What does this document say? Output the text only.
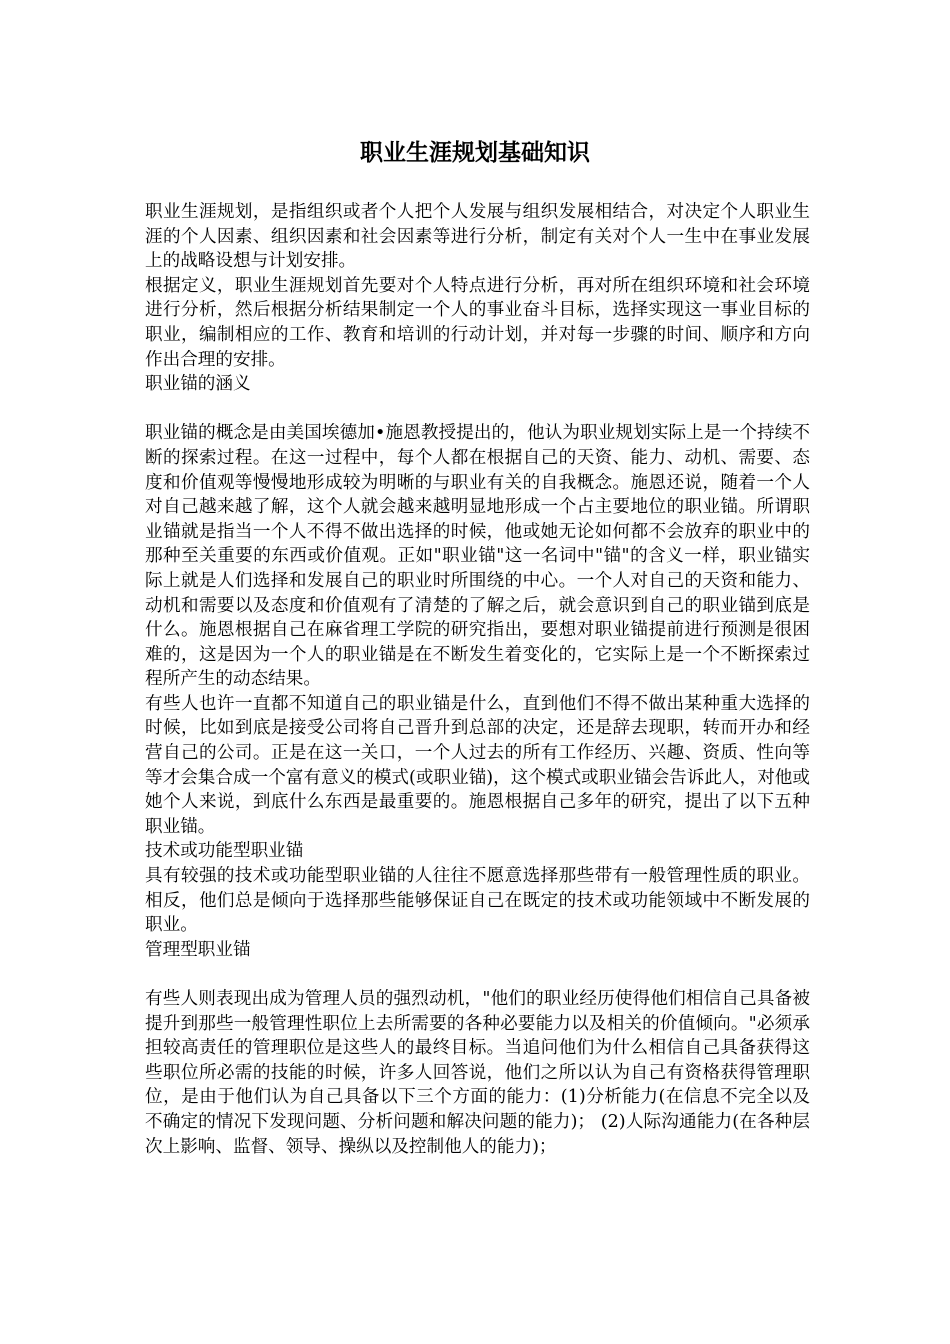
职业生涯规划基础知识

职业生涯规划，是指组织或者个人把个人发展与组织发展相结合，对决定个人职业生涯的个人因素、组织因素和社会因素等进行分析，制定有关对个人一生中在事业发展上的战略设想与计划安排。

根据定义，职业生涯规划首先要对个人特点进行分析，再对所在组织环境和社会环境进行分析，然后根据分析结果制定一个人的事业奋斗目标，选择实现这一事业目标的职业，编制相应的工作、教育和培训的行动计划，并对每一步骤的时间、顺序和方向作出合理的安排。

职业锚的涵义

职业锚的概念是由美国埃德加•施恩教授提出的，他认为职业规划实际上是一个持续不断的探索过程。在这一过程中，每个人都在根据自己的天资、能力、动机、需要、态度和价值观等慢慢地形成较为明晰的与职业有关的自我概念。施恩还说，随着一个人对自己越来越了解，这个人就会越来越明显地形成一个占主要地位的职业锚。所谓职业锚就是指当一个人不得不做出选择的时候，他或她无论如何都不会放弃的职业中的那种至关重要的东西或价值观。正如"职业锚"这一名词中"锚"的含义一样，职业锚实际上就是人们选择和发展自己的职业时所围绕的中心。一个人对自己的天资和能力、动机和需要以及态度和价值观有了清楚的了解之后，就会意识到自己的职业锚到底是什么。施恩根据自己在麻省理工学院的研究指出，要想对职业锚提前进行预测是很困难的，这是因为一个人的职业锚是在不断发生着变化的，它实际上是一个不断探索过程所产生的动态结果。

有些人也许一直都不知道自己的职业锚是什么，直到他们不得不做出某种重大选择的时候，比如到底是接受公司将自己晋升到总部的决定，还是辞去现职，转而开办和经营自己的公司。正是在这一关口，一个人过去的所有工作经历、兴趣、资质、性向等等才会集合成一个富有意义的模式(或职业锚)，这个模式或职业锚会告诉此人，对他或她个人来说，到底什么东西是最重要的。施恩根据自己多年的研究，提出了以下五种职业锚。

技术或功能型职业锚

具有较强的技术或功能型职业锚的人往往不愿意选择那些带有一般管理性质的职业。相反，他们总是倾向于选择那些能够保证自己在既定的技术或功能领域中不断发展的职业。

管理型职业锚

有些人则表现出成为管理人员的强烈动机，"他们的职业经历使得他们相信自己具备被提升到那些一般管理性职位上去所需要的各种必要能力以及相关的价值倾向。"必须承担较高责任的管理职位是这些人的最终目标。当追问他们为什么相信自己具备获得这些职位所必需的技能的时候，许多人回答说，他们之所以认为自己有资格获得管理职位，是由于他们认为自己具备以下三个方面的能力：(1)分析能力(在信息不完全以及不确定的情况下发现问题、分析问题和解决问题的能力)； (2)人际沟通能力(在各种层次上影响、监督、领导、操纵以及控制他人的能力)；
